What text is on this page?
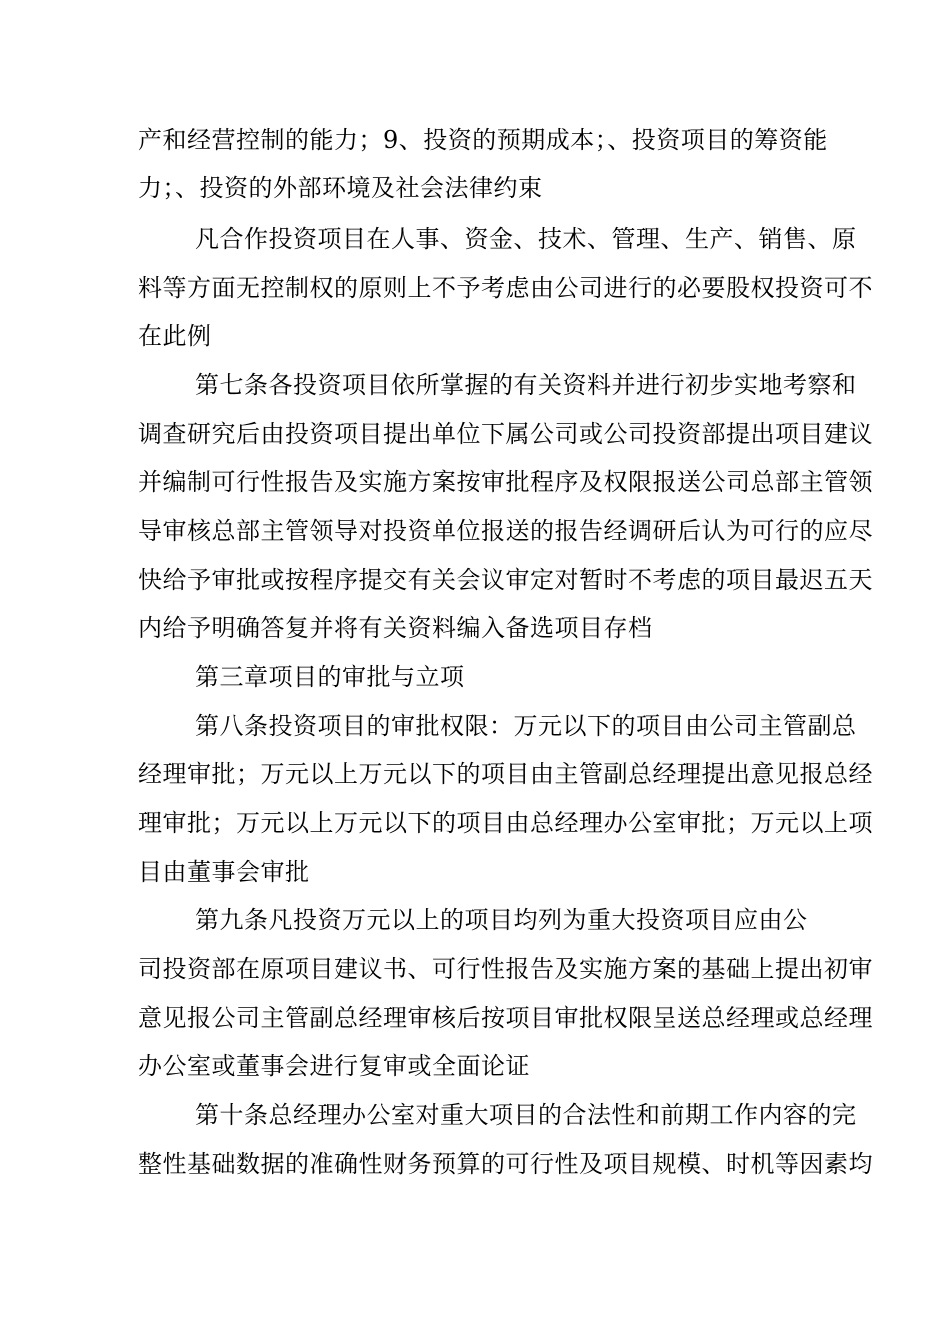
产和经营控制的能力；9、投资的预期成本；、投资项目的筹资能
力；、投资的外部环境及社会法律约束
凡合作投资项目在人事、资金、技术、管理、生产、销售、原
料等方面无控制权的原则上不予考虑由公司进行的必要股权投资可不
在此例
第七条各投资项目依所掌握的有关资料并进行初步实地考察和
调查研究后由投资项目提出单位下属公司或公司投资部提出项目建议
并编制可行性报告及实施方案按审批程序及权限报送公司总部主管领
导审核总部主管领导对投资单位报送的报告经调研后认为可行的应尽
快给予审批或按程序提交有关会议审定对暂时不考虑的项目最迟五天
内给予明确答复并将有关资料编入备选项目存档
第三章项目的审批与立项
第八条投资项目的审批权限：万元以下的项目由公司主管副总
经理审批；万元以上万元以下的项目由主管副总经理提出意见报总经
理审批；万元以上万元以下的项目由总经理办公室审批；万元以上项
目由董事会审批
第九条凡投资万元以上的项目均列为重大投资项目应由公
司投资部在原项目建议书、可行性报告及实施方案的基础上提出初审
意见报公司主管副总经理审核后按项目审批权限呈送总经理或总经理
办公室或董事会进行复审或全面论证
第十条总经理办公室对重大项目的合法性和前期工作内容的完
整性基础数据的准确性财务预算的可行性及项目规模、时机等因素均
